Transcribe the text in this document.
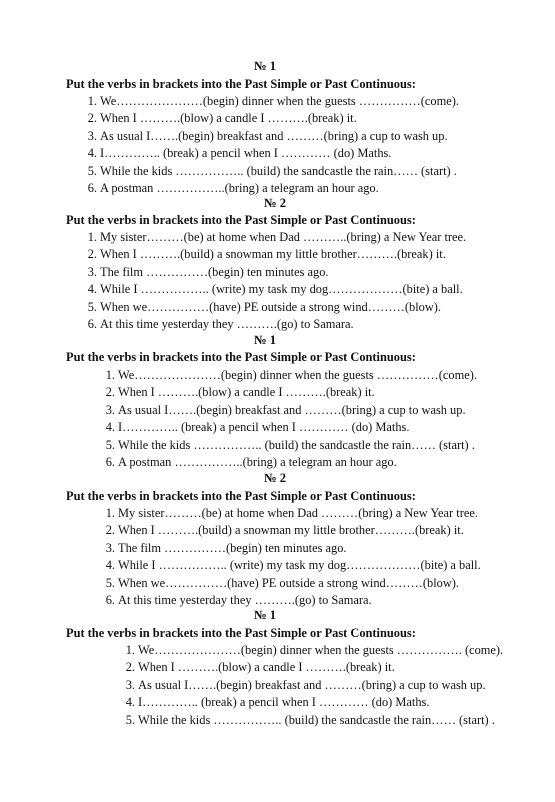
№ 1
Put the verbs in brackets into the Past Simple or Past Continuous:
1. We…………………(begin) dinner when the guests ……………(come).
2. When I ……….(blow) a candle I ……….(break) it.
3. As usual I…….(begin) breakfast and ………(bring) a cup to wash up.
4. I………….. (break) a pencil when I ………… (do) Maths.
5. While the kids …………….. (build) the sandcastle the rain…… (start) .
6. A postman ……………..(bring) a telegram an hour ago.
№ 2
Put the verbs in brackets into the Past Simple or Past Continuous:
1. My sister………(be) at home when Dad ………..(bring) a New Year tree.
2. When I ……….(build) a snowman my little brother……….(break) it.
3. The film ……………(begin) ten minutes ago.
4. While I …………….. (write) my task my dog………………(bite) a ball.
5. When we……………(have) PE outside a strong wind………(blow).
6. At this time yesterday they ……….(go) to Samara.
№ 1
Put the verbs in brackets into the Past Simple or Past Continuous:
1. We…………………(begin) dinner when the guests ……………(come).
2. When I ……….(blow) a candle I ……….(break) it.
3. As usual I…….(begin) breakfast and ………(bring) a cup to wash up.
4. I………….. (break) a pencil when I ………… (do) Maths.
5. While the kids …………….. (build) the sandcastle the rain…… (start) .
6. A postman ……………..(bring) a telegram an hour ago.
№ 2
Put the verbs in brackets into the Past Simple or Past Continuous:
1. My sister………(be) at home when Dad ………(bring) a New Year tree.
2. When I ……….(build) a snowman my little brother……….(break) it.
3. The film ……………(begin) ten minutes ago.
4. While I …………….. (write) my task my dog………………(bite) a ball.
5. When we……………(have) PE outside a strong wind………(blow).
6. At this time yesterday they ……….(go) to Samara.
№ 1
Put the verbs in brackets into the Past Simple or Past Continuous:
1. We…………………(begin) dinner when the guests ……………. (come).
2. When I ……….(blow) a candle I ……….(break) it.
3. As usual I…….(begin) breakfast and ………(bring) a cup to wash up.
4. I………….. (break) a pencil when I ………… (do) Maths.
5. While the kids …………….. (build) the sandcastle the rain…… (start) .
